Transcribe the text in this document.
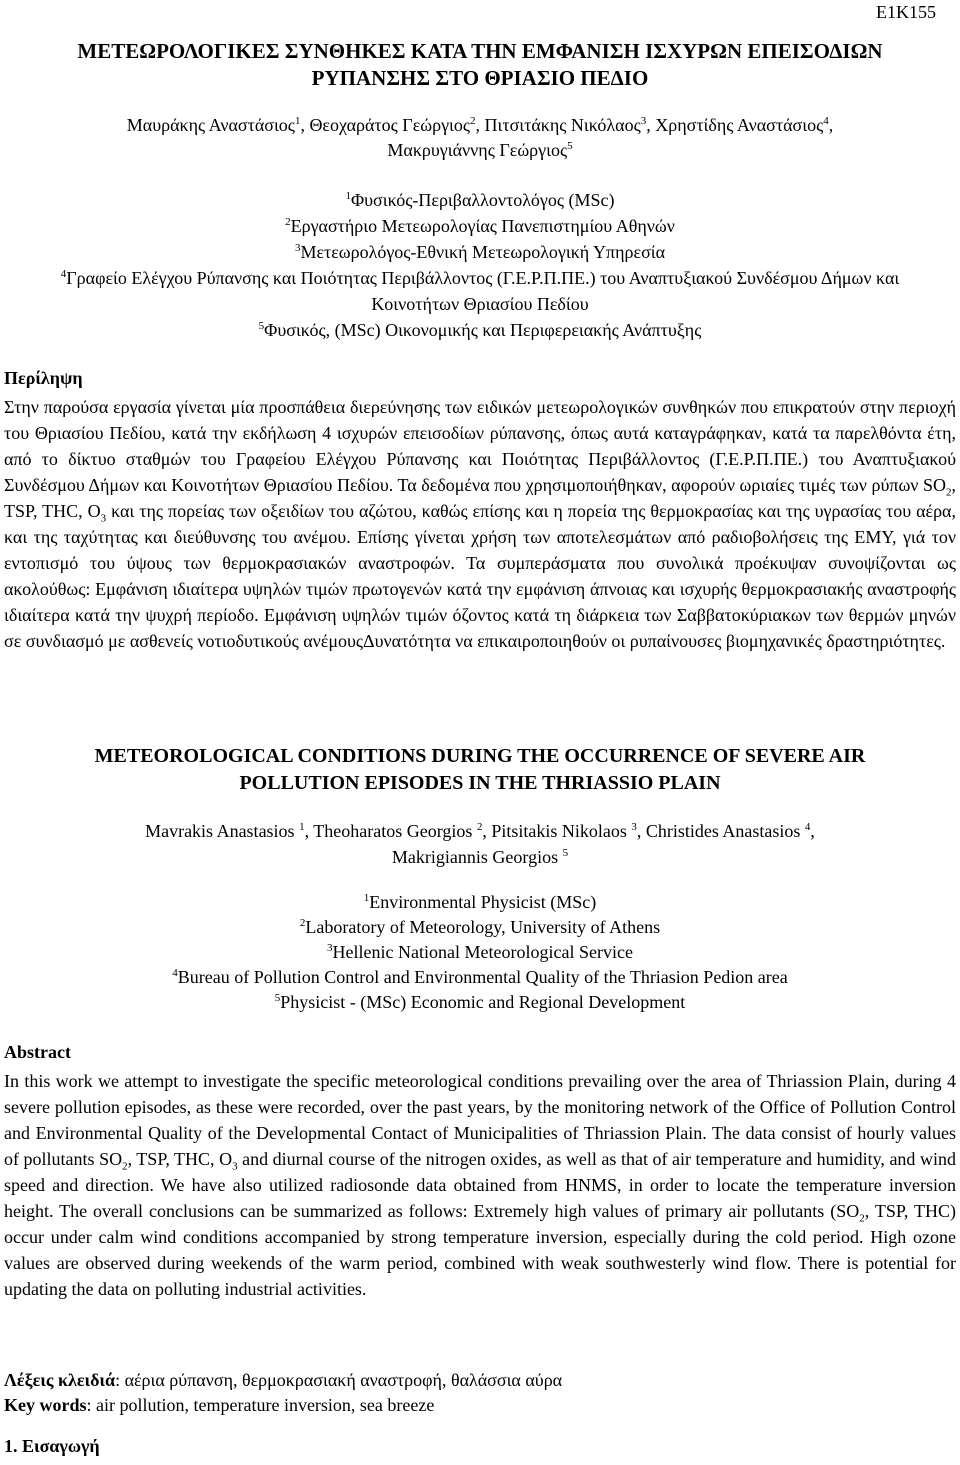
E1K155
ΜΕΤΕΩΡΟΛΟΓΙΚΕΣ ΣΥΝΘΗΚΕΣ ΚΑΤΑ ΤΗΝ ΕΜΦΑΝΙΣΗ ΙΣΧΥΡΩΝ ΕΠΕΙΣΟΔΙΩΝ
ΡΥΠΑΝΣΗΣ ΣΤΟ ΘΡΙΑΣΙΟ ΠΕΔΙΟ
Μαυράκης Αναστάσιος$^1$, Θεοχαράτος Γεώργιος$^2$, Πιτσιτάκης Νικόλαος$^3$, Χρηστίδης Αναστάσιος$^4$,
Μακρυγιάννης Γεώργιος$^5$
$^1$Φυσικός-Περιβαλλοντολόγος (MSc)
$^2$Εργαστήριο Μετεωρολογίας Πανεπιστημίου Αθηνών
$^3$Μετεωρολόγος-Εθνική Μετεωρολογική Υπηρεσία
$^4$Γραφείο Ελέγχου Ρύπανσης και Ποιότητας Περιβάλλοντος (Γ.Ε.Ρ.Π.ΠΕ.) του Αναπτυξιακού Συνδέσμου Δήμων και Κοινοτήτων Θριασίου Πεδίου
$^5$Φυσικός, (MSc) Οικονομικής και Περιφερειακής Ανάπτυξης
Περίληψη
Στην παρούσα εργασία γίνεται μία προσπάθεια διερεύνησης των ειδικών μετεωρολογικών συνθηκών που επικρατούν στην περιοχή του Θριασίου Πεδίου, κατά την εκδήλωση 4 ισχυρών επεισοδίων ρύπανσης, όπως αυτά καταγράφηκαν, κατά τα παρελθόντα έτη, από το δίκτυο σταθμών του Γραφείου Ελέγχου Ρύπανσης και Ποιότητας Περιβάλλοντος (Γ.Ε.Ρ.Π.ΠΕ.) του Αναπτυξιακού Συνδέσμου Δήμων και Κοινοτήτων Θριασίου Πεδίου. Τα δεδομένα που χρησιμοποιήθηκαν, αφορούν ωριαίες τιμές των ρύπων $SO_2$, TSP, THC, $O_3$ και της πορείας των οξειδίων του αζώτου, καθώς επίσης και η πορεία της θερμοκρασίας και της υγρασίας του αέρα, και της ταχύτητας και διεύθυνσης του ανέμου. Επίσης γίνεται χρήση των αποτελεσμάτων από ραδιοβολήσεις της ΕΜΥ, γιά τον εντοπισμό του ύψους των θερμοκρασιακών αναστροφών. Τα συμπεράσματα που συνολικά προέκυψαν συνοψίζονται ως ακολούθως: Εμφάνιση ιδιαίτερα υψηλών τιμών πρωτογενών κατά την εμφάνιση άπνοιας και ισχυρής θερμοκρασιακής αναστροφής ιδιαίτερα κατά την ψυχρή περίοδο. Εμφάνιση υψηλών τιμών όζοντος κατά τη διάρκεια των Σαββατοκύριακων των θερμών μηνών σε συνδιασμό με ασθενείς νοτιοδυτικούς ανέμουςΔυνατότητα να επικαιροποιηθούν οι ρυπαίνουσες βιομηχανικές δραστηριότητες.
METEOROLOGICAL CONDITIONS DURING THE OCCURRENCE OF SEVERE AIR
POLLUTION EPISODES IN THE THRIASSIO PLAIN
Mavrakis Anastasios $^1$, Theoharatos Georgios $^2$, Pitsitakis Nikolaos $^3$, Christides Anastasios $^4$,
Makrigiannis Georgios $^5$
$^1$Environmental Physicist (MSc)
$^2$Laboratory of Meteorology, University of Athens
$^3$Hellenic National Meteorological Service
$^4$Bureau of Pollution Control and Environmental Quality of the Thriasion Pedion area
$^5$Physicist - (MSc) Economic and Regional Development
Abstract
In this work we attempt to investigate the specific meteorological conditions prevailing over the area of Thriassion Plain, during 4 severe pollution episodes, as these were recorded, over the past years, by the monitoring network of the Office of Pollution Control and Environmental Quality of the Developmental Contact of Municipalities of Thriassion Plain. The data consist of hourly values of pollutants $SO_2$, TSP, THC, $O_3$ and diurnal course of the nitrogen oxides, as well as that of air temperature and humidity, and wind speed and direction. We have also utilized radiosonde data obtained from HNMS, in order to locate the temperature inversion height. The overall conclusions can be summarized as follows: Extremely high values of primary air pollutants ($SO_2$, TSP, THC) occur under calm wind conditions accompanied by strong temperature inversion, especially during the cold period. High ozone values are observed during weekends of the warm period, combined with weak southwesterly wind flow. There is potential for updating the data on polluting industrial activities.
Λέξεις κλειδιά: αέρια ρύπανση, θερμοκρασιακή αναστροφή, θαλάσσια αύρα
Key words: air pollution, temperature inversion, sea breeze
1. Εισαγωγή
